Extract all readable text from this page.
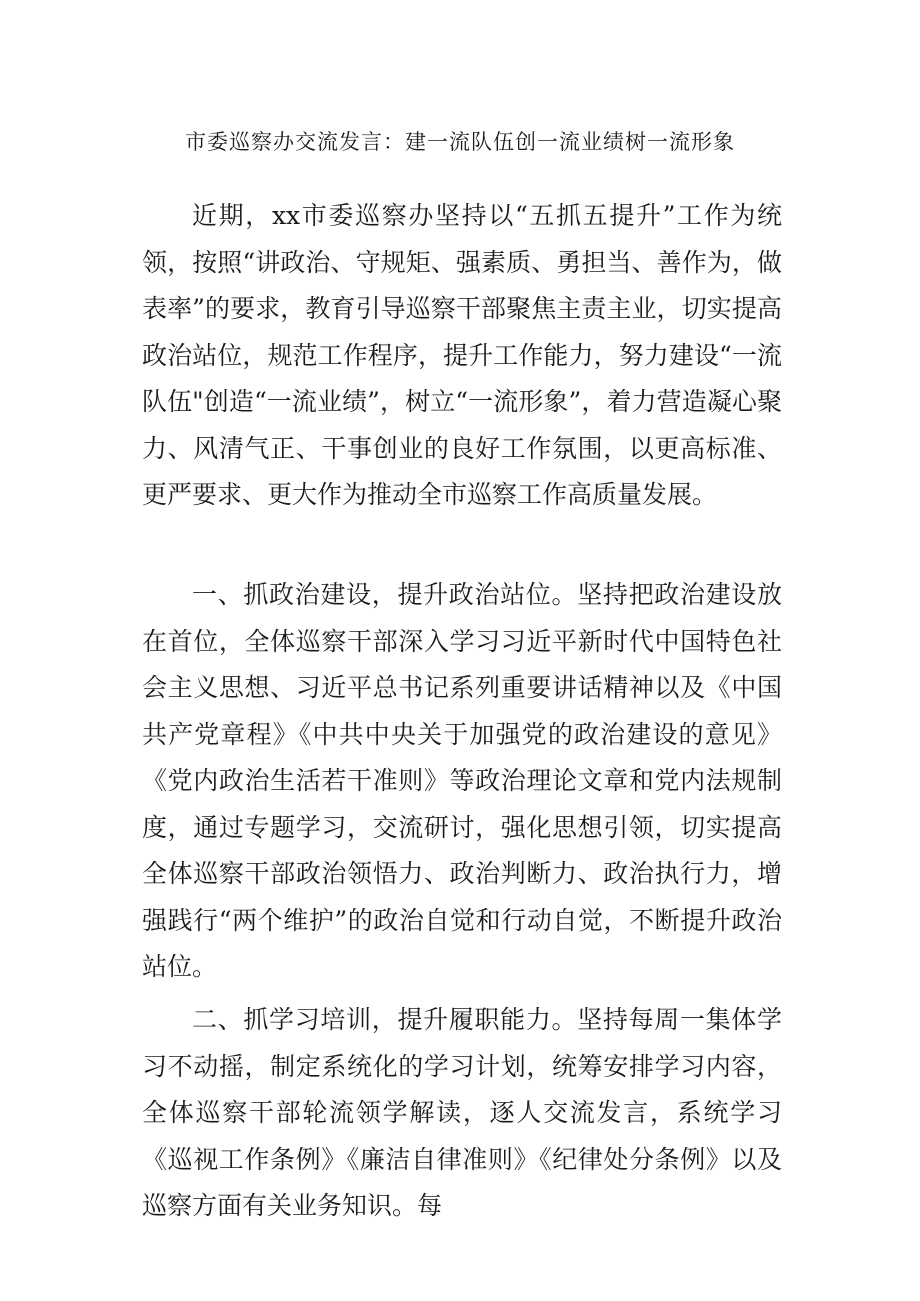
市委巡察办交流发言：建一流队伍创一流业绩树一流形象

近期，xx市委巡察办坚持以“五抓五提升”工作为统领，按照“讲政治、守规矩、强素质、勇担当、善作为，做表率”的要求，教育引导巡察干部聚焦主责主业，切实提高政治站位，规范工作程序，提升工作能力，努力建设“一流队伍"创造“一流业绩”，树立“一流形象”，着力营造凝心聚力、风清气正、干事创业的良好工作氛围，以更高标准、更严要求、更大作为推动全市巡察工作高质量发展。

一、抓政治建设，提升政治站位。坚持把政治建设放在首位，全体巡察干部深入学习习近平新时代中国特色社会主义思想、习近平总书记系列重要讲话精神以及《中国共产党章程》《中共中央关于加强党的政治建设的意见》《党内政治生活若干准则》等政治理论文章和党内法规制度，通过专题学习，交流研讨，强化思想引领，切实提高全体巡察干部政治领悟力、政治判断力、政治执行力，增强践行“两个维护”的政治自觉和行动自觉，不断提升政治站位。

二、抓学习培训，提升履职能力。坚持每周一集体学习不动摇，制定系统化的学习计划，统筹安排学习内容，全体巡察干部轮流领学解读，逐人交流发言，系统学习《巡视工作条例》《廉洁自律准则》《纪律处分条例》以及巡察方面有关业务知识。每
